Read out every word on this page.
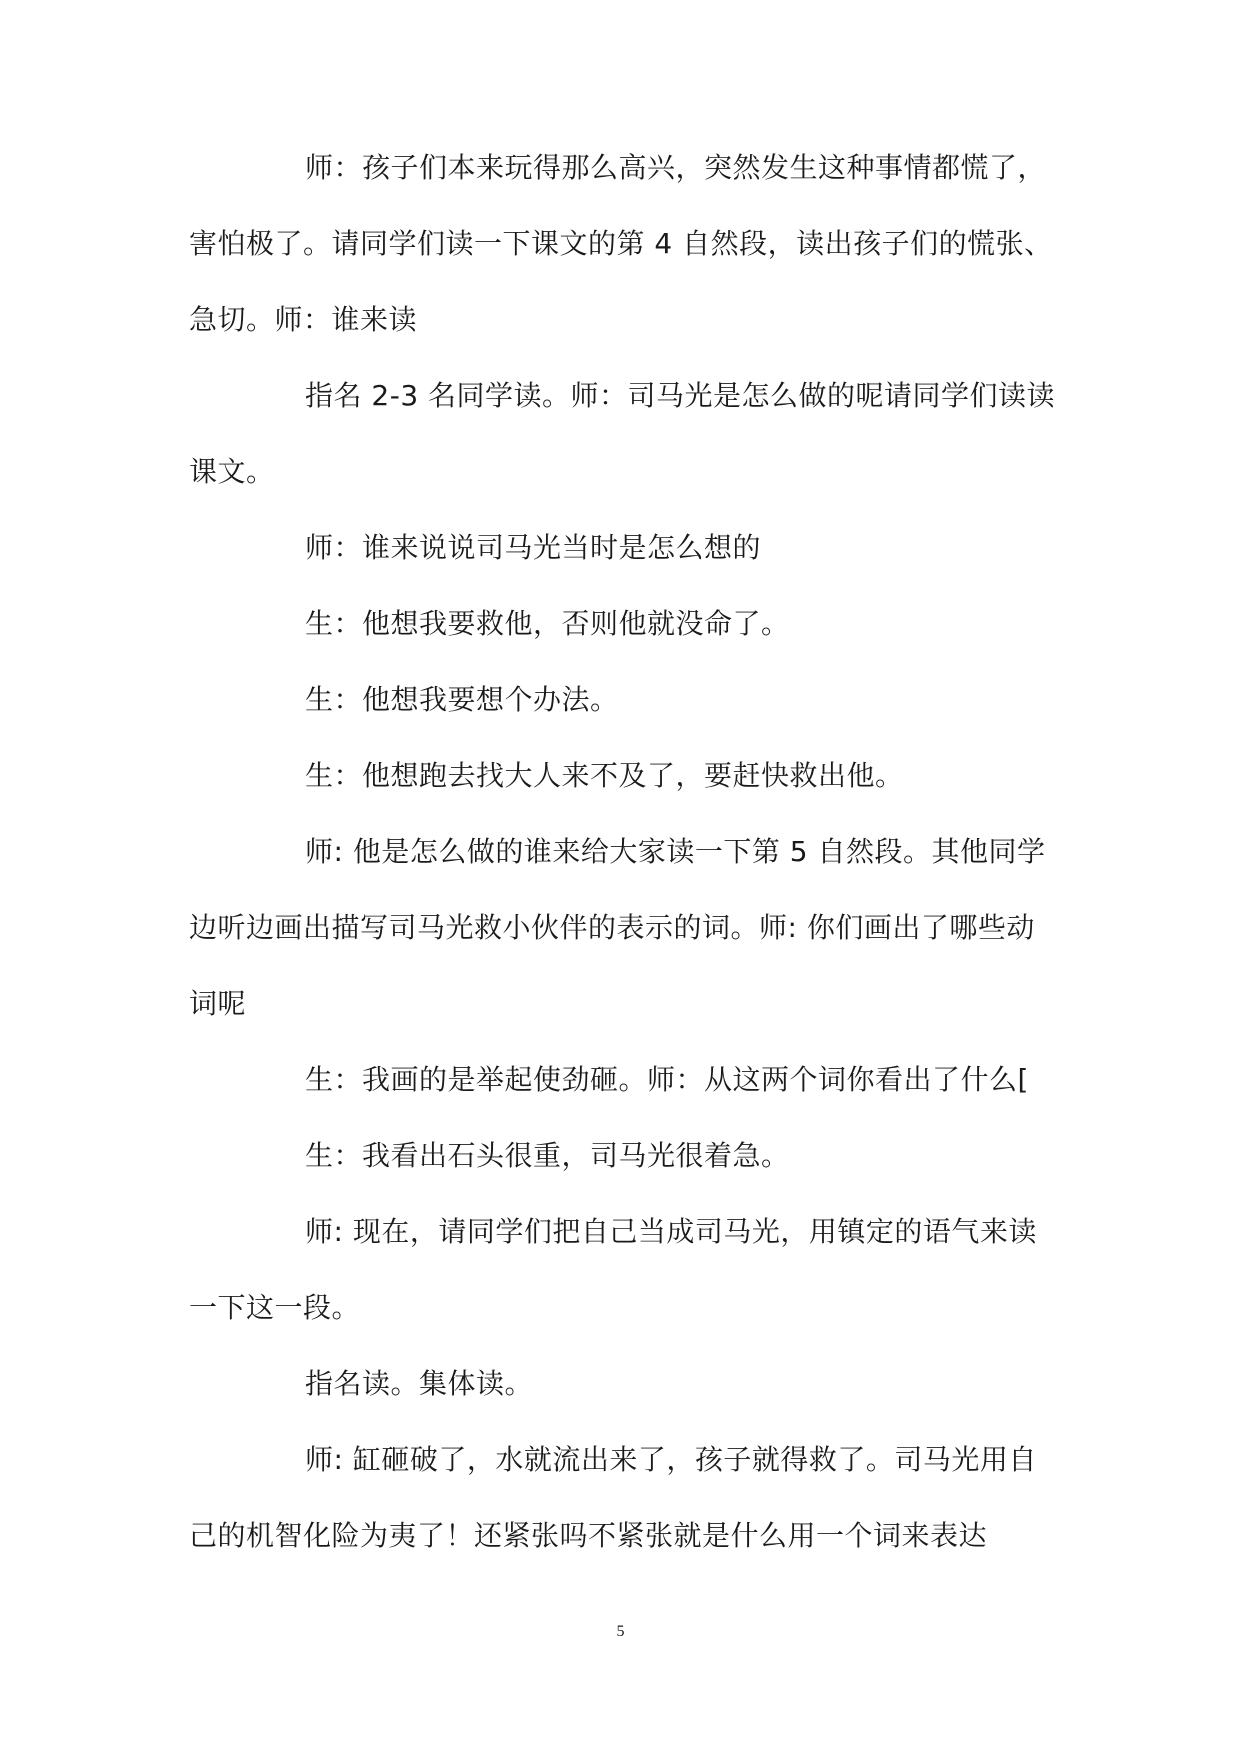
师：孩子们本来玩得那么高兴，突然发生这种事情都慌了，
害怕极了。请同学们读一下课文的第 4 自然段，读出孩子们的慌张、
急切。师：谁来读
指名 2-3 名同学读。师：司马光是怎么做的呢请同学们读读
课文。
师：谁来说说司马光当时是怎么想的
生：他想我要救他，否则他就没命了。
生：他想我要想个办法。
生：他想跑去找大人来不及了，要赶快救出他。
师: 他是怎么做的谁来给大家读一下第 5 自然段。其他同学
边听边画出描写司马光救小伙伴的表示的词。师: 你们画出了哪些动
词呢
生：我画的是举起使劲砸。师：从这两个词你看出了什么[
生：我看出石头很重，司马光很着急。
师: 现在，请同学们把自己当成司马光，用镇定的语气来读
一下这一段。
指名读。集体读。
师: 缸砸破了，水就流出来了，孩子就得救了。司马光用自
己的机智化险为夷了！还紧张吗不紧张就是什么用一个词来表达
5
